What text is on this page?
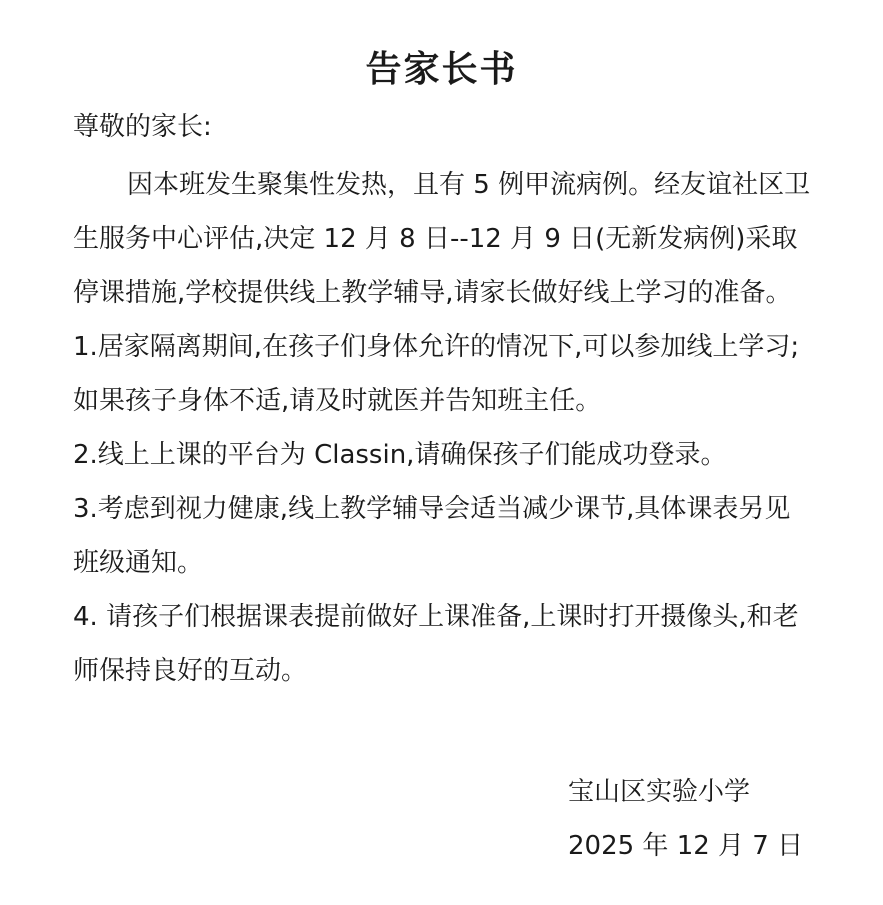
告家长书
尊敬的家长:

因本班发生聚集性发热，且有 5 例甲流病例。经友谊社区卫生服务中心评估,决定 12 月 8 日--12 月 9 日(无新发病例)采取停课措施,学校提供线上教学辅导,请家长做好线上学习的准备。

1.居家隔离期间,在孩子们身体允许的情况下,可以参加线上学习;如果孩子身体不适,请及时就医并告知班主任。

2.线上上课的平台为 Classin,请确保孩子们能成功登录。

3.考虑到视力健康,线上教学辅导会适当减少课节,具体课表另见班级通知。

4. 请孩子们根据课表提前做好上课准备,上课时打开摄像头,和老师保持良好的互动。

宝山区实验小学
2025 年 12 月 7 日
